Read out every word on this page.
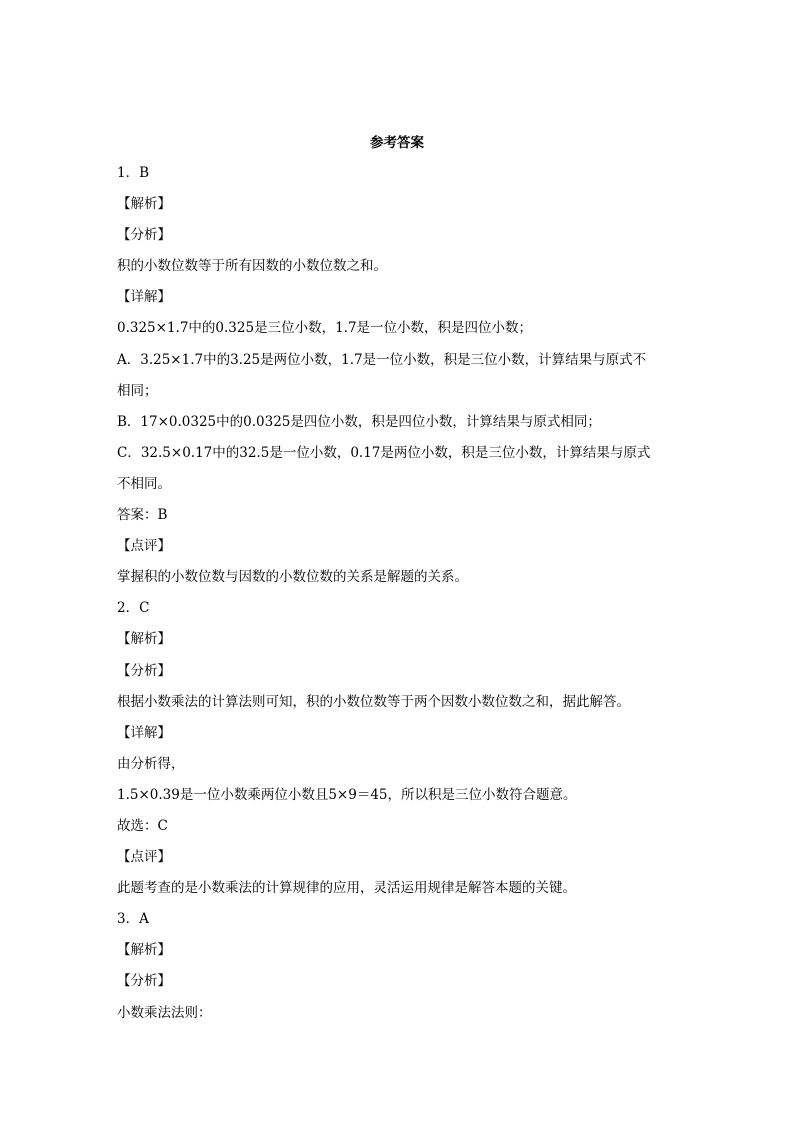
参考答案
1．B
【解析】
【分析】
积的小数位数等于所有因数的小数位数之和。
【详解】
0.325×1.7中的0.325是三位小数，1.7是一位小数，积是四位小数；
A．3.25×1.7中的3.25是两位小数，1.7是一位小数，积是三位小数，计算结果与原式不
相同；
B．17×0.0325中的0.0325是四位小数，积是四位小数，计算结果与原式相同；
C．32.5×0.17中的32.5是一位小数，0.17是两位小数，积是三位小数，计算结果与原式
不相同。
答案：B
【点评】
掌握积的小数位数与因数的小数位数的关系是解题的关系。
2．C
【解析】
【分析】
根据小数乘法的计算法则可知，积的小数位数等于两个因数小数位数之和，据此解答。
【详解】
由分析得，
1.5×0.39是一位小数乘两位小数且5×9＝45，所以积是三位小数符合题意。
故选：C
【点评】
此题考查的是小数乘法的计算规律的应用，灵活运用规律是解答本题的关键。
3．A
【解析】
【分析】
小数乘法法则：
